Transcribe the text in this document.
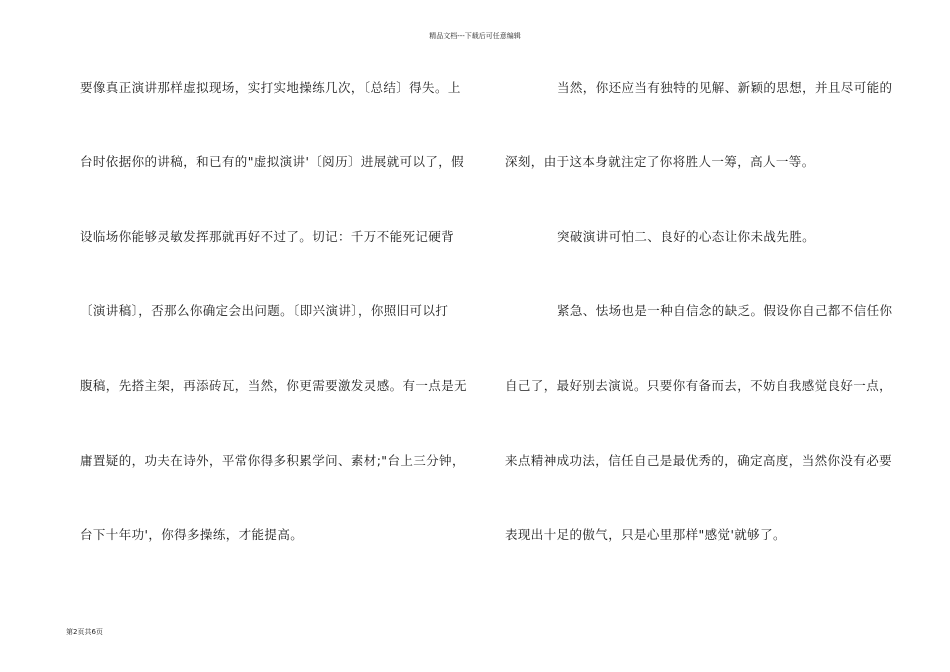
精品文档---下载后可任意编辑
要像真正演讲那样虚拟现场，实打实地操练几次，〔总结〕得失。上
台时依据你的讲稿，和已有的"虚拟演讲'〔阅历〕进展就可以了，假
设临场你能够灵敏发挥那就再好不过了。切记：千万不能死记硬背
〔演讲稿〕，否那么你确定会出问题。〔即兴演讲〕，你照旧可以打
腹稿，先搭主架，再添砖瓦，当然，你更需要激发灵感。有一点是无
庸置疑的，功夫在诗外，平常你得多积累学问、素材;"台上三分钟，
台下十年功'，你得多操练，才能提高。
当然，你还应当有独特的见解、新颖的思想，并且尽可能的
深刻，由于这本身就注定了你将胜人一筹，高人一等。
突破演讲可怕二、良好的心态让你未战先胜。
紧急、怯场也是一种自信念的缺乏。假设你自己都不信任你
自己了，最好别去演说。只要你有备而去，不妨自我感觉良好一点，
来点精神成功法，信任自己是最优秀的，确定高度，当然你没有必要
表现出十足的傲气，只是心里那样"感觉'就够了。
第2页共6页
